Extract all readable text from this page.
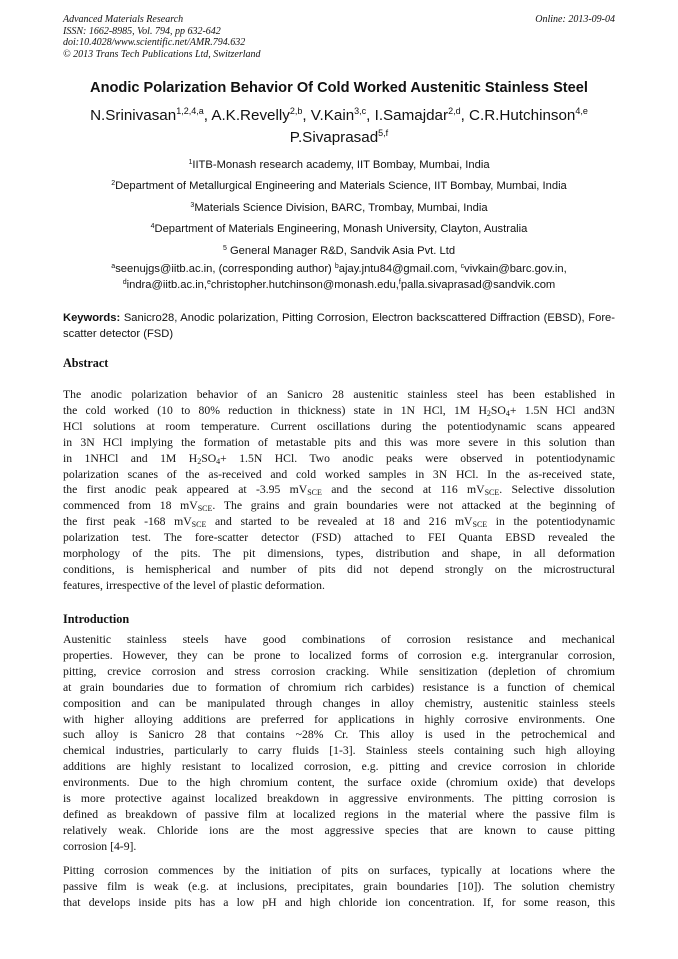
Advanced Materials Research
ISSN: 1662-8985, Vol. 794, pp 632-642
doi:10.4028/www.scientific.net/AMR.794.632
© 2013 Trans Tech Publications Ltd, Switzerland
Online: 2013-09-04
Anodic Polarization Behavior Of Cold Worked Austenitic Stainless Steel
N.Srinivasan$^{1,2,4,a}$, A.K.Revelly$^{2,b}$, V.Kain$^{3,c}$, I.Samajdar$^{2,d}$, C.R.Hutchinson$^{4,e}$
P.Sivaprasad$^{5,f}$
$^1$IITB-Monash research academy, IIT Bombay, Mumbai, India
$^2$Department of Metallurgical Engineering and Materials Science, IIT Bombay, Mumbai, India
$^3$Materials Science Division, BARC, Trombay, Mumbai, India
$^4$Department of Materials Engineering, Monash University, Clayton, Australia
$^5$ General Manager R&D, Sandvik Asia Pvt. Ltd
$^a$seenujgs@iitb.ac.in, (corresponding author) $^b$ajay.jntu84@gmail.com, $^c$vivkain@barc.gov.in,
$^d$indra@iitb.ac.in,$^e$christopher.hutchinson@monash.edu,$^f$palla.sivaprasad@sandvik.com
Keywords: Sanicro28, Anodic polarization, Pitting Corrosion, Electron backscattered Diffraction (EBSD), Fore-scatter detector (FSD)
Abstract
The anodic polarization behavior of an Sanicro 28 austenitic stainless steel has been established in
the cold worked (10 to 80% reduction in thickness) state in 1N HCl, 1M $H_2SO_4+ 1.5N$ HCl and3N
HCl solutions at room temperature. Current oscillations during the potentiodynamic scans appeared
in 3N HCl implying the formation of metastable pits and this was more severe in this solution than
in 1NHCl and 1M $H_2SO_4+ 1.5N$ HCl. Two anodic peaks were observed in potentiodynamic
polarization scanes of the as-received and cold worked samples in 3N HCl. In the as-received state,
the first anodic peak appeared at -3.95 $mV_{SCE}$ and the second at 116 $mV_{SCE}$. Selective dissolution
commenced from 18 $mV_{SCE}$. The grains and grain boundaries were not attacked at the beginning of
the first peak -168 $mV_{SCE}$ and started to be revealed at 18 and 216 $mV_{SCE}$ in the potentiodynamic
polarization test. The fore-scatter detector (FSD) attached to FEI Quanta EBSD revealed the
morphology of the pits. The pit dimensions, types, distribution and shape, in all deformation
conditions, is hemispherical and number of pits did not depend strongly on the microstructural
features, irrespective of the level of plastic deformation.
Introduction
Austenitic stainless steels have good combinations of corrosion resistance and mechanical
properties. However, they can be prone to localized forms of corrosion e.g. intergranular corrosion,
pitting, crevice corrosion and stress corrosion cracking. While sensitization (depletion of chromium
at grain boundaries due to formation of chromium rich carbides) resistance is a function of chemical
composition and can be manipulated through changes in alloy chemistry, austenitic stainless steels
with higher alloying additions are preferred for applications in highly corrosive environments. One
such alloy is Sanicro 28 that contains ~28% Cr. This alloy is used in the petrochemical and
chemical industries, particularly to carry fluids [1-3]. Stainless steels containing such high alloying
additions are highly resistant to localized corrosion, e.g. pitting and crevice corrosion in chloride
environments. Due to the high chromium content, the surface oxide (chromium oxide) that develops
is more protective against localized breakdown in aggressive environments. The pitting corrosion is
defined as breakdown of passive film at localized regions in the material where the passive film is
relatively weak. Chloride ions are the most aggressive species that are known to cause pitting
corrosion [4-9].
Pitting corrosion commences by the initiation of pits on surfaces, typically at locations where the
passive film is weak (e.g. at inclusions, precipitates, grain boundaries [10]). The solution chemistry
that develops inside pits has a low pH and high chloride ion concentration. If, for some reason, this
